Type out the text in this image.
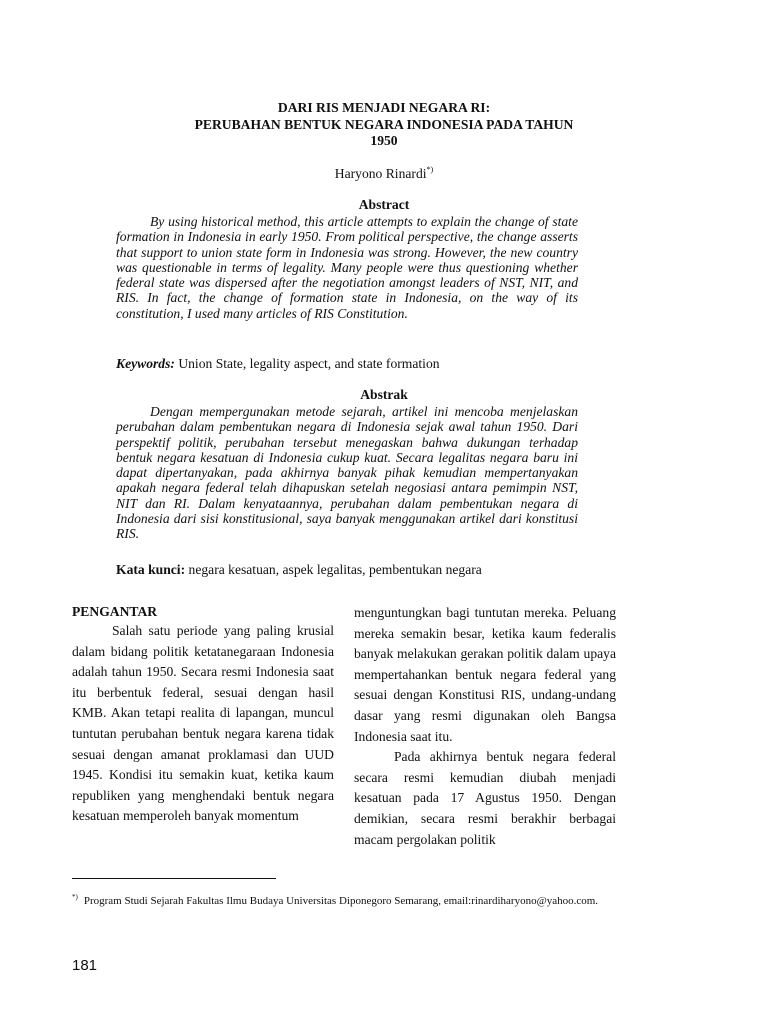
DARI RIS MENJADI NEGARA RI:
PERUBAHAN BENTUK NEGARA INDONESIA PADA TAHUN
1950
Haryono Rinardi*)
Abstract

By using historical method, this article attempts to explain the change of state formation in Indonesia in early 1950. From political perspective, the change asserts that support to union state form in Indonesia was strong. However, the new country was questionable in terms of legality. Many people were thus questioning whether federal state was dispersed after the negotiation amongst leaders of NST, NIT, and RIS. In fact, the change of formation state in Indonesia, on the way of its constitution, I used many articles of RIS Constitution.

Keywords: Union State, legality aspect, and state formation
Abstrak

Dengan mempergunakan metode sejarah, artikel ini mencoba menjelaskan perubahan dalam pembentukan negara di Indonesia sejak awal tahun 1950. Dari perspektif politik, perubahan tersebut menegaskan bahwa dukungan terhadap bentuk negara kesatuan di Indonesia cukup kuat. Secara legalitas negara baru ini dapat dipertanyakan, pada akhirnya banyak pihak kemudian mempertanyakan apakah negara federal telah dihapuskan setelah negosiasi antara pemimpin NST, NIT dan RI. Dalam kenyataannya, perubahan dalam pembentukan negara di Indonesia dari sisi konstitusional, saya banyak menggunakan artikel dari konstitusi RIS.

Kata kunci: negara kesatuan, aspek legalitas, pembentukan negara
PENGANTAR
Salah satu periode yang paling krusial dalam bidang politik ketatanegaraan Indonesia adalah tahun 1950. Secara resmi Indonesia saat itu berbentuk federal, sesuai dengan hasil KMB. Akan tetapi realita di lapangan, muncul tuntutan perubahan bentuk negara karena tidak sesuai dengan amanat proklamasi dan UUD 1945. Kondisi itu semakin kuat, ketika kaum republiken yang menghendaki bentuk negara kesatuan memperoleh banyak momentum
menguntungkan bagi tuntutan mereka. Peluang mereka semakin besar, ketika kaum federalis banyak melakukan gerakan politik dalam upaya mempertahankan bentuk negara federal yang sesuai dengan Konstitusi RIS, undang-undang dasar yang resmi digunakan oleh Bangsa Indonesia saat itu.
Pada akhirnya bentuk negara federal secara resmi kemudian diubah menjadi kesatuan pada 17 Agustus 1950. Dengan demikian, secara resmi berakhir berbagai macam pergolakan politik
*) Program Studi Sejarah Fakultas Ilmu Budaya Universitas Diponegoro Semarang, email:rinardiharyono@yahoo.com.
181
